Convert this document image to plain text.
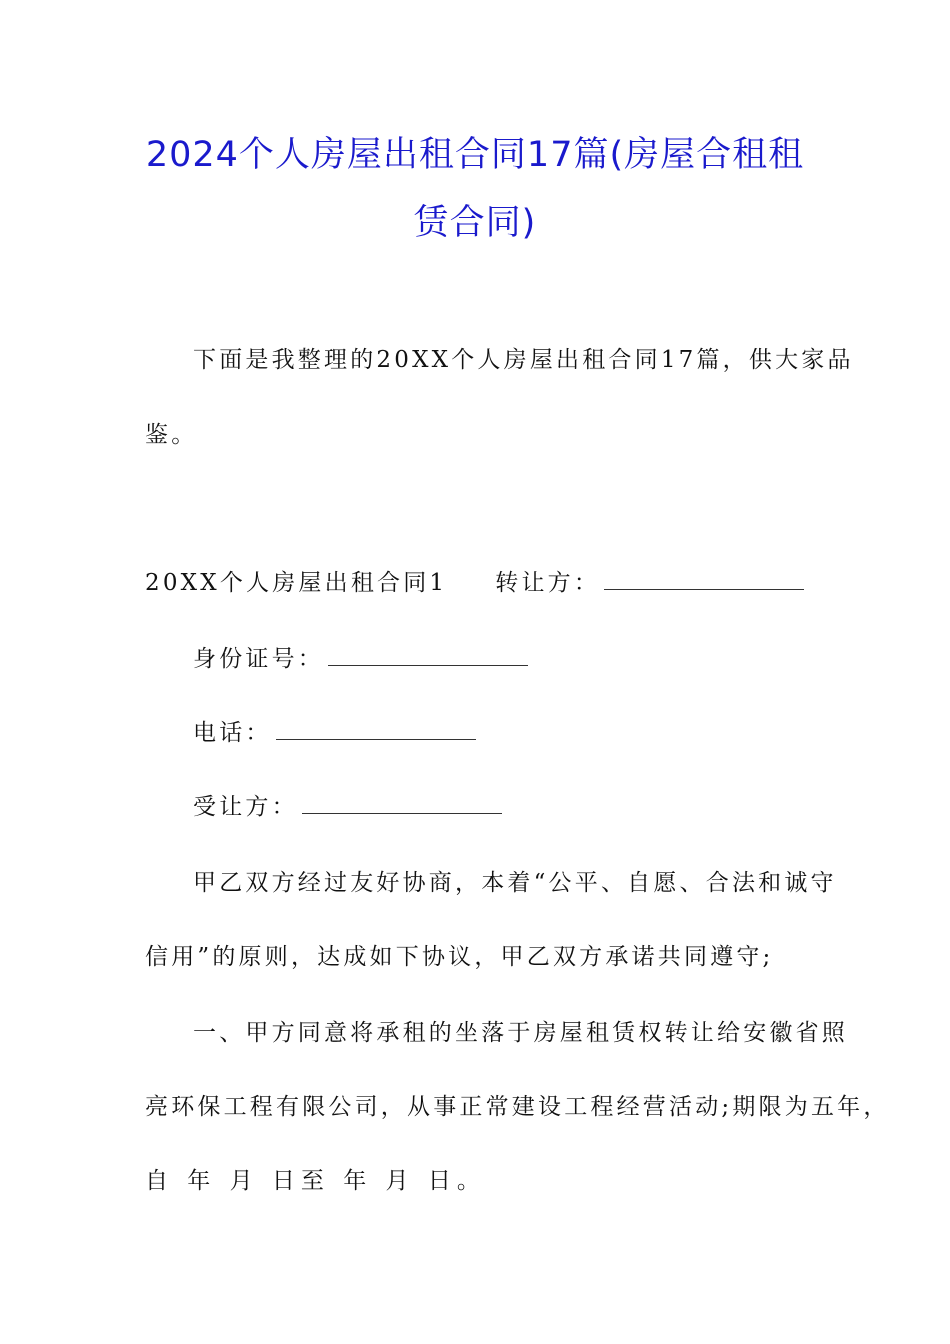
2024个人房屋出租合同17篇(房屋合租租
赁合同)
下面是我整理的20XX个人房屋出租合同17篇，供大家品
鉴。
20XX个人房屋出租合同1 转让方：
身份证号：
电话：
受让方：
甲乙双方经过友好协商，本着“公平、自愿、合法和诚守
信用”的原则，达成如下协议，甲乙双方承诺共同遵守;
一、甲方同意将承租的坐落于房屋租赁权转让给安徽省照
亮环保工程有限公司，从事正常建设工程经营活动;期限为五年，
自 年 月 日至 年 月 日。
